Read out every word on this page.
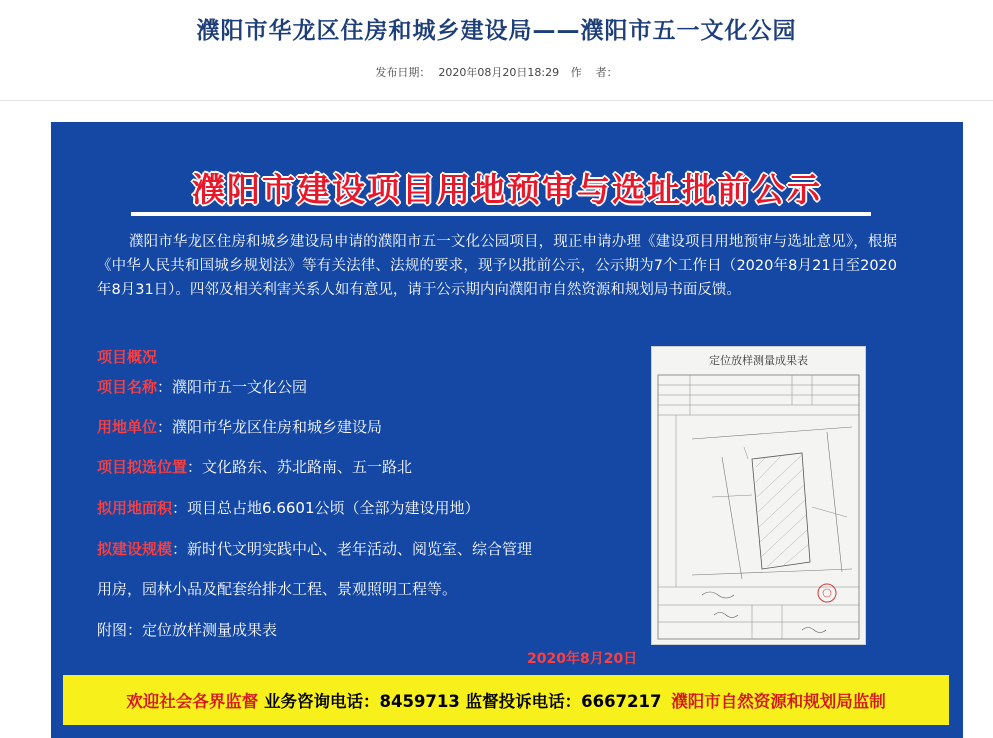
濮阳市华龙区住房和城乡建设局——濮阳市五一文化公园
发布日期： 2020年08月20日18:29 作    者：
濮阳市建设项目用地预审与选址批前公示
濮阳市华龙区住房和城乡建设局申请的濮阳市五一文化公园项目，现正申请办理《建设项目用地预审与选址意见》，根据《中华人民共和国城乡规划法》等有关法律、法规的要求，现予以批前公示，公示期为7个工作日（2020年8月21日至2020年8月31日）。四邻及相关利害关系人如有意见，请于公示期内向濮阳市自然资源和规划局书面反馈。
项目概况
项目名称：濮阳市五一文化公园
用地单位：濮阳市华龙区住房和城乡建设局
项目拟选位置：文化路东、苏北路南、五一路北
拟用地面积：项目总占地6.6601公顷（全部为建设用地）
拟建设规模：新时代文明实践中心、老年活动、阅览室、综合管理
用房，园林小品及配套给排水工程、景观照明工程等。
附图：定位放样测量成果表
定位放样测量成果表
2020年8月20日
欢迎社会各界监督 业务咨询电话：8459713 监督投诉电话：6667217 濮阳市自然资源和规划局监制
